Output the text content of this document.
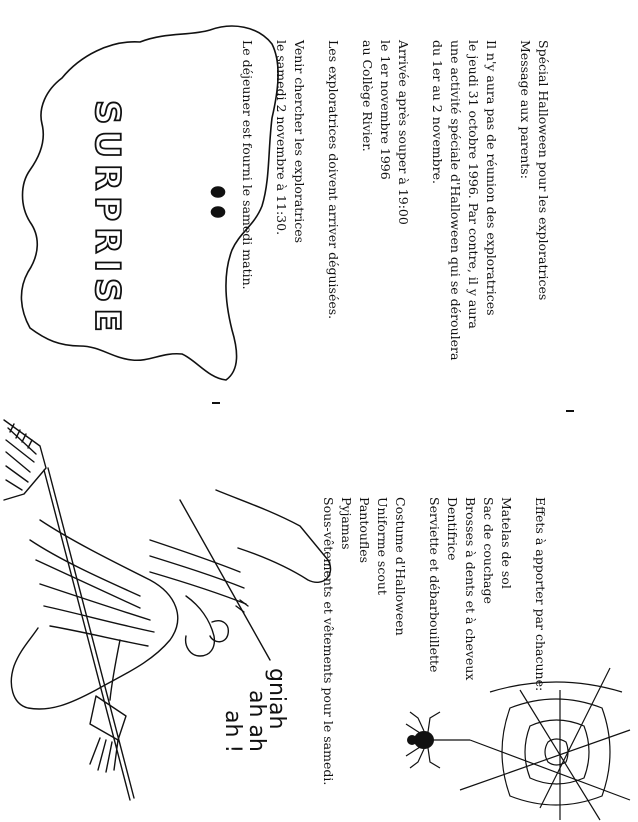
Spécial Halloween pour les exploratrices
Message aux parents:
Il n'y aura pas de réunion des exploratrices
le jeudi 31 octobre 1996. Par contre, il y aura
une activité spéciale d'Halloween qui se déroulera
du 1er au 2 novembre.
Arrivée après souper à 19:00
le 1er novembre 1996
au Collège Rivier.
Les exploratrices doivent arriver déguisées.
Venir chercher les exploratrices
le samedi 2 novembre à 11:30.
Le déjeuner est fourni le samedi matin.
Effets à apporter par chacune:
Matelas de sol
Sac de couchage
Brosses à dents et à cheveux
Dentifrice
Serviette et débarbouillette
Costume d'Halloween
Uniforme scout
Pantoufles
Pyjamas
Sous-vêtements et vêtements pour le samedi.
SURPRISE
gniah
ah ah
ah !
